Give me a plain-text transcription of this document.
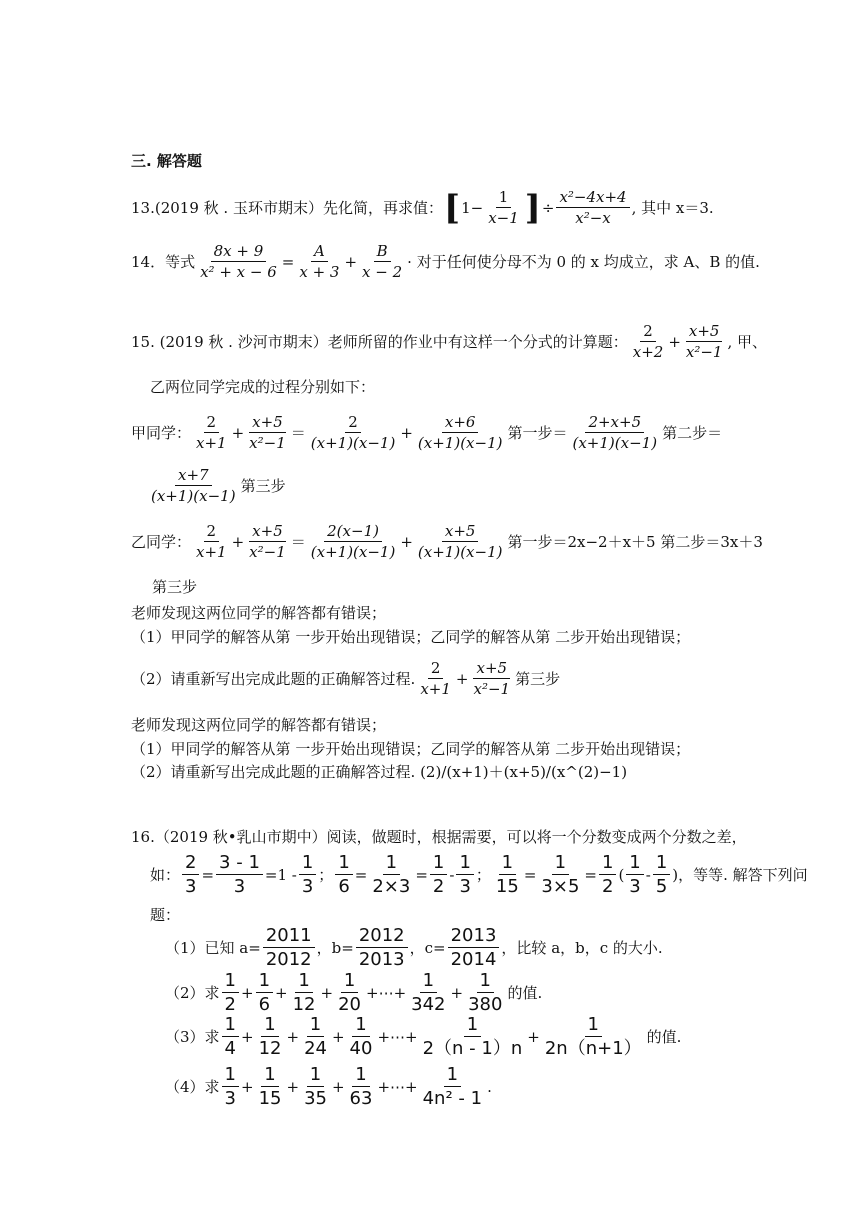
三. 解答题
13.(2019 秋 . 玉环市期末）先化简，再求值： [ $1- \frac{1}{x-1}$ ] ÷ $\frac{\text{x²−4x+4}}{\text{x²−x}}$ , 其中 x＝3.
14．等式 $\frac{8x + 9}{\text{x² + x − 6}} = \frac{A}{x + 3} + \frac{B}{x - 2}$ · 对于任何使分母不为 0 的 x 均成立，求 A、B 的值.
15. (2019 秋 . 沙河市期末）老师所留的作业中有这样一个分式的计算题： $\frac{2}{x+2} + \frac{x+5}{\text{x²−1}}$ , 甲、
乙两位同学完成的过程分别如下：
甲同学： $\frac{2}{x+1} + \frac{x+5}{\text{x²−1}} = \frac{2}{(x+1)(x-1)} + \frac{x+6}{(x+1)(x-1)}$ 第一步＝ $\frac{2+x+5}{(x+1)(x-1)}$ 第二步＝
$\frac{x+7}{(x+1)(x-1)}$ 第三步
乙同学： $\frac{2}{x+1} + \frac{x+5}{\text{x²−1}} = \frac{2(x-1)}{(x+1)(x-1)} + \frac{x+5}{(x+1)(x-1)}$ 第一步＝2x−2＋x＋5 第二步＝3x＋3
第三步
老师发现这两位同学的解答都有错误；
（1）甲同学的解答从第 一步开始出现错误；乙同学的解答从第 二步开始出现错误；
（2）请重新写出完成此题的正确解答过程. $\frac{2}{x+1} + \frac{x+5}{\text{x²−1}}$ 第三步
老师发现这两位同学的解答都有错误；
（1）甲同学的解答从第 一步开始出现错误；乙同学的解答从第 二步开始出现错误；
（2）请重新写出完成此题的正确解答过程. (2)/(x+1)＋(x+5)/(x^(2)−1)
16.（2019 秋•乳山市期中）阅读，做题时，根据需要，可以将一个分数变成两个分数之差，
如： $\frac{2}{3} = \frac{3 - 1}{3} =1 - \frac{1}{3}$ ； $\frac{1}{6} = \frac{1}{2\times 3} = \frac{1}{2} - \frac{1}{3}$ ； $\frac{1}{15} = \frac{1}{3\times 5} = \frac{1}{2}$ ( $\frac{1}{3} - \frac{1}{5}$ ) ，等等. 解答下列问
题：
（1）已知 $a= \frac{2011}{2012}$ ，$b= \frac{2012}{2013}$ ，$c= \frac{2013}{2014}$ ，比较 a，b，c 的大小.
（2）求 $\frac{1}{2} + \frac{1}{6} + \frac{1}{12} + \frac{1}{20}$ +⋯+ $\frac{1}{342} + \frac{1}{380}$ 的值.
（3）求 $\frac{1}{4} + \frac{1}{12} + \frac{1}{24} + \frac{1}{40}$ +⋯+ $\frac{1}{2(n - 1)n} + \frac{1}{2n(n+1)}$ 的值.
（4）求 $\frac{1}{3} + \frac{1}{15} + \frac{1}{35} + \frac{1}{63}$ +⋯+ $\frac{1}{\text{4n² - 1}}$ .
